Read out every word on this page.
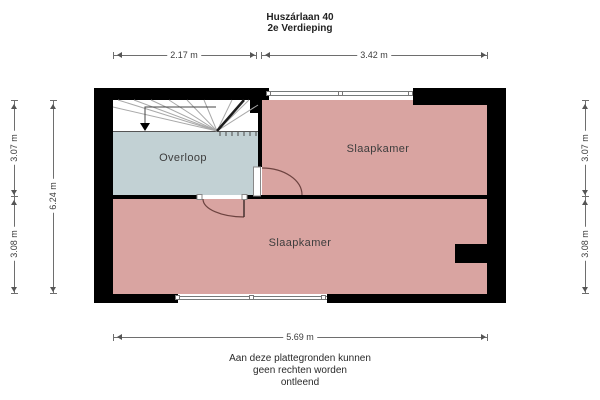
Huszárlaan 40
2e Verdieping
Overloop
Slaapkamer
Slaapkamer
2.17 m	3.42 m
3.07 m
3.08 m
6.24 m
3.07 m
3.08 m
5.69 m
Aan deze plattegronden kunnen
geen rechten worden
ontleend
